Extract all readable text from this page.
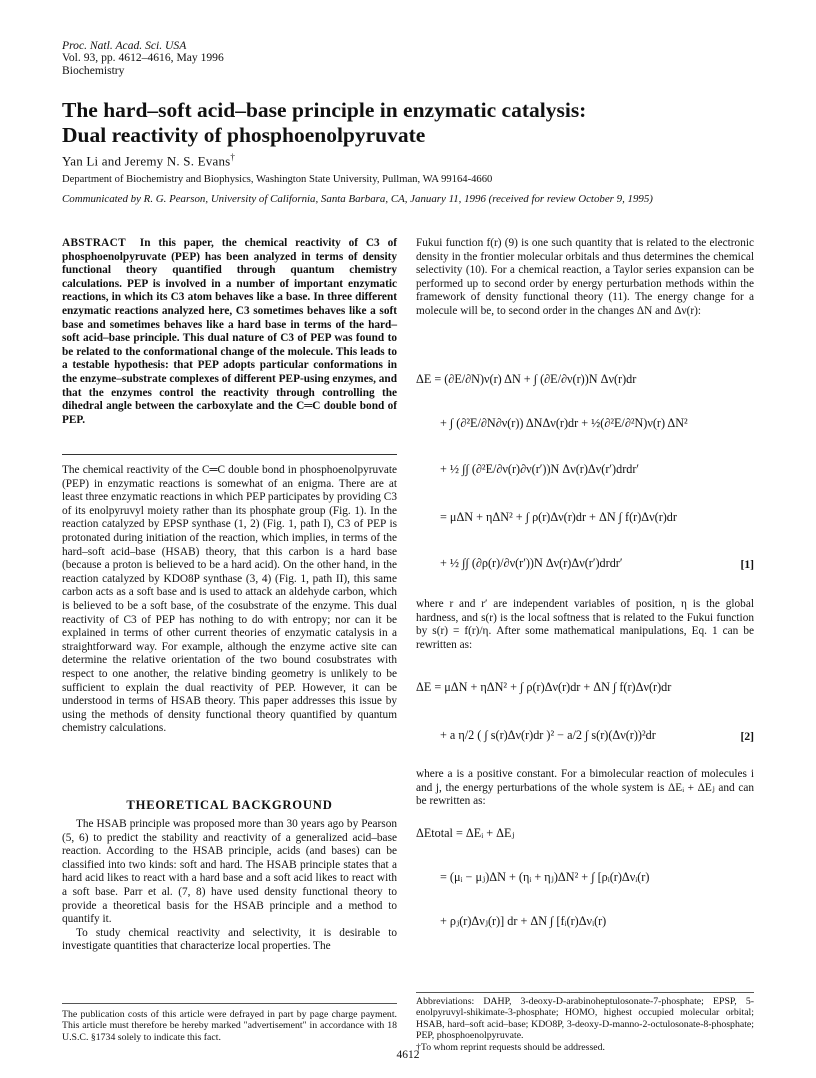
Proc. Natl. Acad. Sci. USA
Vol. 93, pp. 4612–4616, May 1996
Biochemistry
The hard–soft acid–base principle in enzymatic catalysis:
Dual reactivity of phosphoenolpyruvate
Yan Li and Jeremy N. S. Evans†
Department of Biochemistry and Biophysics, Washington State University, Pullman, WA 99164-4660
Communicated by R. G. Pearson, University of California, Santa Barbara, CA, January 11, 1996 (received for review October 9, 1995)
ABSTRACT In this paper, the chemical reactivity of C3 of phosphoenolpyruvate (PEP) has been analyzed in terms of density functional theory quantified through quantum chemistry calculations. PEP is involved in a number of important enzymatic reactions, in which its C3 atom behaves like a base. In three different enzymatic reactions analyzed here, C3 sometimes behaves like a soft base and sometimes behaves like a hard base in terms of the hard–soft acid–base principle. This dual nature of C3 of PEP was found to be related to the conformational change of the molecule. This leads to a testable hypothesis: that PEP adopts particular conformations in the enzyme–substrate complexes of different PEP-using enzymes, and that the enzymes control the reactivity through controlling the dihedral angle between the carboxylate and the C═C double bond of PEP.
The chemical reactivity of the C═C double bond in phosphoenolpyruvate (PEP) in enzymatic reactions is somewhat of an enigma. There are at least three enzymatic reactions in which PEP participates by providing C3 of its enolpyruvyl moiety rather than its phosphate group (Fig. 1). In the reaction catalyzed by EPSP synthase (1, 2) (Fig. 1, path I), C3 of PEP is protonated during initiation of the reaction, which implies, in terms of the hard–soft acid–base (HSAB) theory, that this carbon is a hard base (because a proton is believed to be a hard acid). On the other hand, in the reaction catalyzed by KDO8P synthase (3, 4) (Fig. 1, path II), this same carbon acts as a soft base and is used to attack an aldehyde carbon, which is believed to be a soft base, of the cosubstrate of the enzyme. This dual reactivity of C3 of PEP has nothing to do with entropy; nor can it be explained in terms of other current theories of enzymatic catalysis in a straightforward way. For example, although the enzyme active site can determine the relative orientation of the two bound cosubstrates with respect to one another, the relative binding geometry is unlikely to be sufficient to explain the dual reactivity of PEP. However, it can be understood in terms of HSAB theory. This paper addresses this issue by using the methods of density functional theory quantified by quantum chemistry calculations.
THEORETICAL BACKGROUND
The HSAB principle was proposed more than 30 years ago by Pearson (5, 6) to predict the stability and reactivity of a generalized acid–base reaction. According to the HSAB principle, acids (and bases) can be classified into two kinds: soft and hard. The HSAB principle states that a hard acid likes to react with a hard base and a soft acid likes to react with a soft base. Parr et al. (7, 8) have used density functional theory to provide a theoretical basis for the HSAB principle and a method to quantify it.
To study chemical reactivity and selectivity, it is desirable to investigate quantities that characterize local properties. The
The publication costs of this article were defrayed in part by page charge payment. This article must therefore be hereby marked "advertisement" in accordance with 18 U.S.C. §1734 solely to indicate this fact.
Fukui function f(r) (9) is one such quantity that is related to the electronic density in the frontier molecular orbitals and thus determines the chemical selectivity (10). For a chemical reaction, a Taylor series expansion can be performed up to second order by energy perturbation methods within the framework of density functional theory (11). The energy change for a molecule will be, to second order in the changes ΔN and Δν(r):
ΔE = (∂E/∂N)ν(r) ΔN + ∫ (∂E/∂ν(r))N Δν(r)dr
+ ∫ (∂²E/∂N∂ν(r)) ΔNΔν(r)dr + ½(∂²E/∂²N)ν(r) ΔN²
+ ½ ∫∫ (∂²E/∂ν(r)∂ν(r′))N Δν(r)Δν(r′)drdr′
= μΔN + ηΔN² + ∫ ρ(r)Δν(r)dr + ΔN ∫ f(r)Δν(r)dr
+ ½ ∫∫ (∂ρ(r)/∂ν(r′))N Δν(r)Δν(r′)drdr′	[1]
where r and r′ are independent variables of position, η is the global hardness, and s(r) is the local softness that is related to the Fukui function by s(r) = f(r)/η. After some mathematical manipulations, Eq. 1 can be rewritten as:
ΔE = μΔN + ηΔN² + ∫ ρ(r)Δν(r)dr + ΔN ∫ f(r)Δν(r)dr
+ a η/2 ( ∫ s(r)Δν(r)dr )² − a/2 ∫ s(r)(Δν(r))²dr	[2]
where a is a positive constant. For a bimolecular reaction of molecules i and j, the energy perturbations of the whole system is ΔEᵢ + ΔEⱼ and can be rewritten as:
ΔEtotal = ΔEᵢ + ΔEⱼ
= (μᵢ − μⱼ)ΔN + (ηᵢ + ηⱼ)ΔN² + ∫ [ρᵢ(r)Δνᵢ(r)
+ ρⱼ(r)Δνⱼ(r)] dr + ΔN ∫ [fᵢ(r)Δνᵢ(r)
Abbreviations: DAHP, 3-deoxy-D-arabinoheptulosonate-7-phosphate; EPSP, 5-enolpyruvyl-shikimate-3-phosphate; HOMO, highest occupied molecular orbital; HSAB, hard–soft acid–base; KDO8P, 3-deoxy-D-manno-2-octulosonate-8-phosphate; PEP, phosphoenolpyruvate.
†To whom reprint requests should be addressed.
4612
